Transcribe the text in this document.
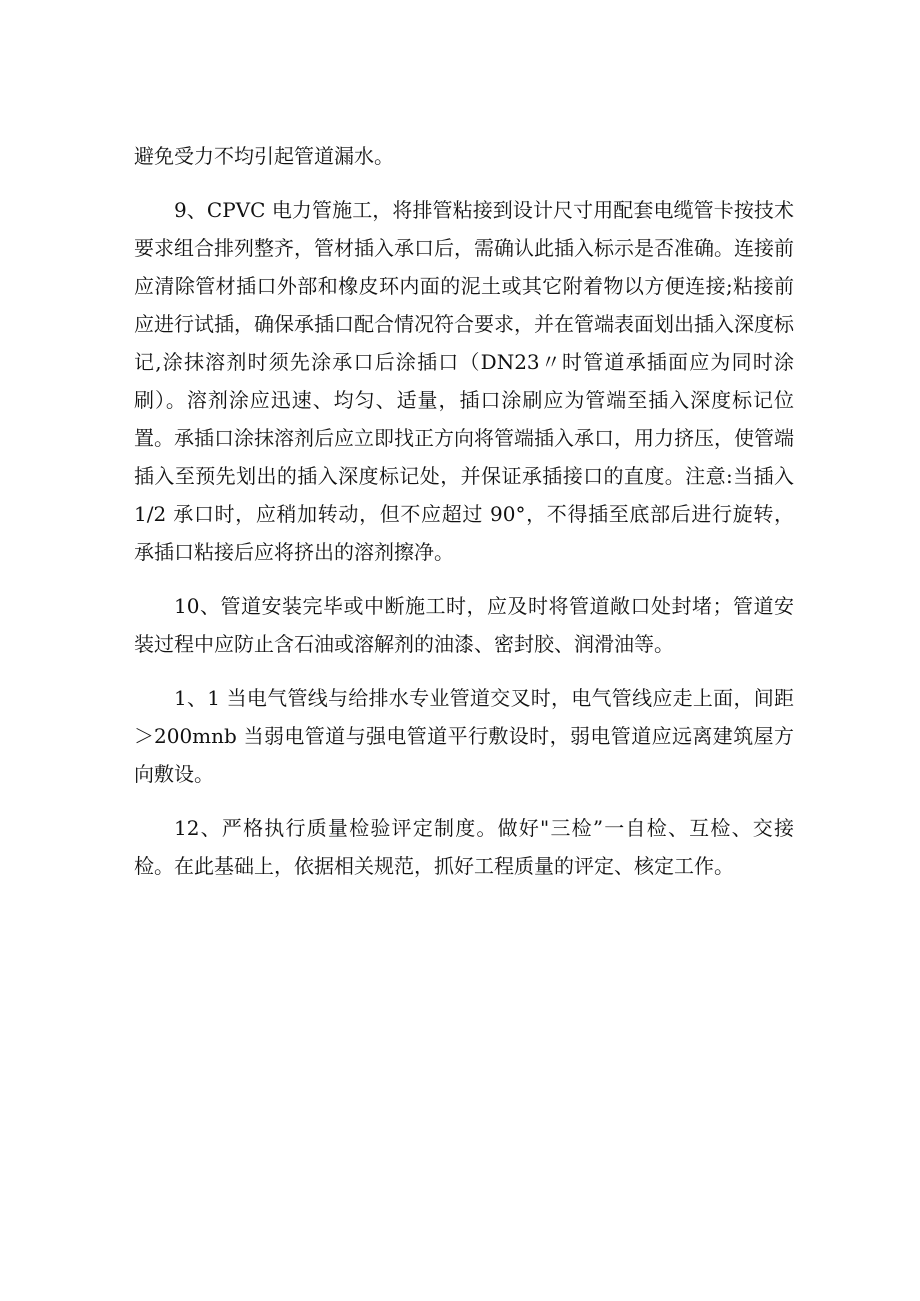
避免受力不均引起管道漏水。

9、CPVC 电力管施工，将排管粘接到设计尺寸用配套电缆管卡按技术要求组合排列整齐，管材插入承口后，需确认此插入标示是否准确。连接前应清除管材插口外部和橡皮环内面的泥土或其它附着物以方便连接;粘接前应进行试插，确保承插口配合情况符合要求，并在管端表面划出插入深度标记,涂抹溶剂时须先涂承口后涂插口（DN23〃时管道承插面应为同时涂刷）。溶剂涂应迅速、均匀、适量，插口涂刷应为管端至插入深度标记位置。承插口涂抹溶剂后应立即找正方向将管端插入承口，用力挤压，使管端插入至预先划出的插入深度标记处，并保证承插接口的直度。注意:当插入 1/2 承口时，应稍加转动，但不应超过 90°，不得插至底部后进行旋转，承插口粘接后应将挤出的溶剂擦净。

10、管道安装完毕或中断施工时，应及时将管道敞口处封堵；管道安装过程中应防止含石油或溶解剂的油漆、密封胶、润滑油等。

1、1 当电气管线与给排水专业管道交叉时，电气管线应走上面，间距＞200mnb 当弱电管道与强电管道平行敷设时，弱电管道应远离建筑屋方向敷设。

12、严格执行质量检验评定制度。做好"三检”一自检、互检、交接检。在此基础上，依据相关规范，抓好工程质量的评定、核定工作。
